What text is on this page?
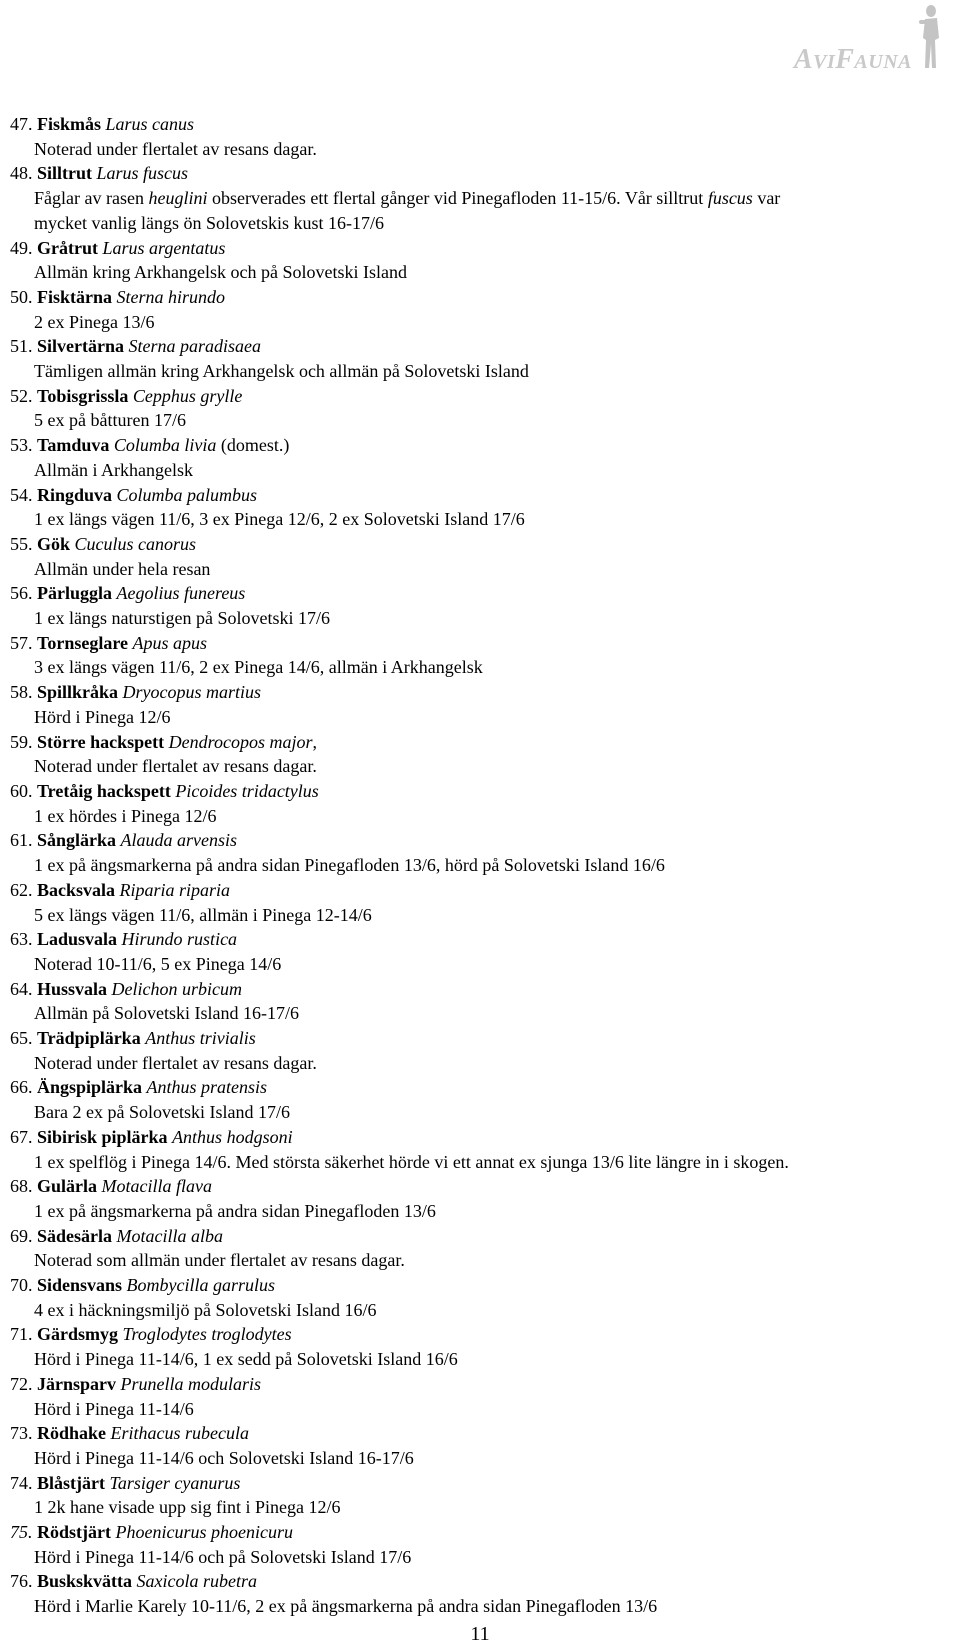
AviFauna
47. Fiskmås Larus canus
Noterad under flertalet av resans dagar.
48. Silltrut Larus fuscus
Fåglar av rasen heuglini observerades ett flertal gånger vid Pinegafloden 11-15/6. Vår silltrut fuscus var
mycket vanlig längs ön Solovetskis kust 16-17/6
49. Gråtrut Larus argentatus
Allmän kring Arkhangelsk och på Solovetski Island
50. Fisktärna Sterna hirundo
2 ex Pinega 13/6
51. Silvertärna Sterna paradisaea
Tämligen allmän kring Arkhangelsk och allmän på Solovetski Island
52. Tobisgrissla Cepphus grylle
5 ex på båtturen 17/6
53. Tamduva Columba livia (domest.)
Allmän i Arkhangelsk
54. Ringduva Columba palumbus
1 ex längs vägen 11/6, 3 ex Pinega 12/6, 2 ex Solovetski Island 17/6
55. Gök Cuculus canorus
Allmän under hela resan
56. Pärluggla Aegolius funereus
1 ex längs naturstigen på Solovetski 17/6
57. Tornseglare Apus apus
3 ex längs vägen 11/6, 2 ex Pinega 14/6, allmän i Arkhangelsk
58. Spillkråka Dryocopus martius
Hörd i Pinega 12/6
59. Större hackspett Dendrocopos major,
Noterad under flertalet av resans dagar.
60. Tretåig hackspett Picoides tridactylus
1 ex hördes i Pinega 12/6
61. Sånglärka Alauda arvensis
1 ex på ängsmarkerna på andra sidan Pinegafloden 13/6, hörd på Solovetski Island 16/6
62. Backsvala Riparia riparia
5 ex längs vägen 11/6, allmän i Pinega 12-14/6
63. Ladusvala Hirundo rustica
Noterad 10-11/6, 5 ex Pinega 14/6
64. Hussvala Delichon urbicum
Allmän på Solovetski Island 16-17/6
65. Trädpiplärka Anthus trivialis
Noterad under flertalet av resans dagar.
66. Ängspiplärka Anthus pratensis
Bara 2 ex på Solovetski Island 17/6
67. Sibirisk piplärka Anthus hodgsoni
1 ex spelflög i Pinega 14/6. Med största säkerhet hörde vi ett annat ex sjunga 13/6 lite längre in i skogen.
68. Gulärla Motacilla flava
1 ex på ängsmarkerna på andra sidan Pinegafloden 13/6
69. Sädesärla Motacilla alba
Noterad som allmän under flertalet av resans dagar.
70. Sidensvans Bombycilla garrulus
4 ex i häckningsmiljö på Solovetski Island 16/6
71. Gärdsmyg Troglodytes troglodytes
Hörd i Pinega 11-14/6, 1 ex sedd på Solovetski Island 16/6
72. Järnsparv Prunella modularis
Hörd i Pinega 11-14/6
73. Rödhake Erithacus rubecula
Hörd i Pinega 11-14/6 och Solovetski Island 16-17/6
74. Blåstjärt Tarsiger cyanurus
1 2k hane visade upp sig fint i Pinega 12/6
75. Rödstjärt Phoenicurus phoenicuru
Hörd i Pinega 11-14/6 och på Solovetski Island 17/6
76. Buskskvätta Saxicola rubetra
Hörd i Marlie Karely 10-11/6, 2 ex på ängsmarkerna på andra sidan Pinegafloden 13/6
11
